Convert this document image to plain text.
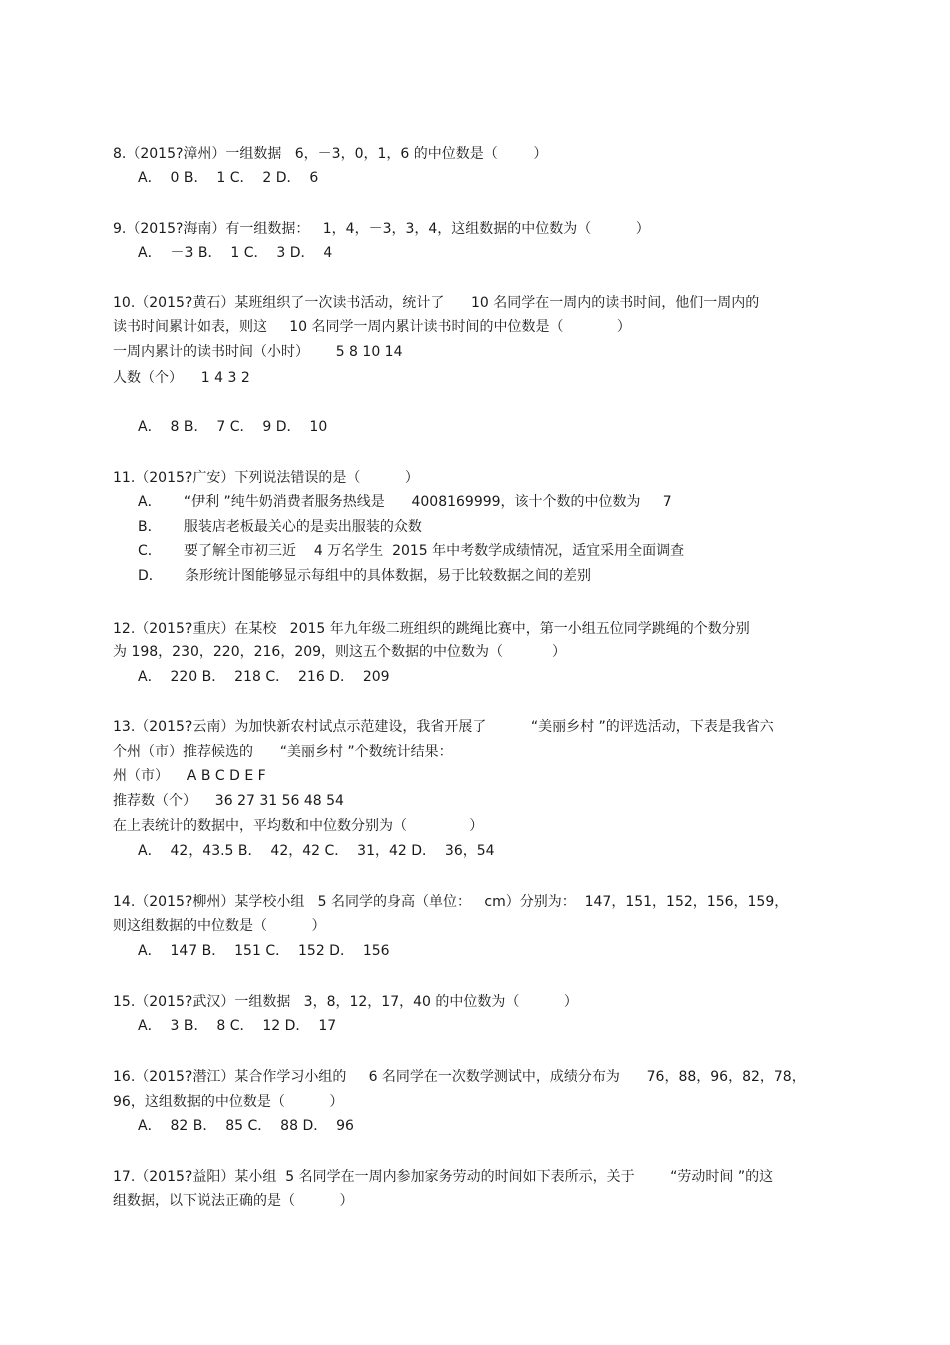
8.（2015?漳州）一组数据   6，－3，0，1，6 的中位数是（        ）
A．  0 B．  1 C．  2 D．  6
9.（2015?海南）有一组数据：   1，4，－3，3，4，这组数据的中位数为（          ）
A．  －3 B．  1 C．  3 D．  4
10.（2015?黄石）某班组织了一次读书活动，统计了      10 名同学在一周内的读书时间，他们一周内的
读书时间累计如表，则这     10 名同学一周内累计读书时间的中位数是（            ）
一周内累计的读书时间（小时）      5 8 10 14
人数（个）    1 4 3 2
A．  8 B．  7 C．  9 D．  10
11.（2015?广安）下列说法错误的是（          ）
A．     “伊利 ”纯牛奶消费者服务热线是      4008169999，该十个数的中位数为     7
B．     服装店老板最关心的是卖出服装的众数
C．     要了解全市初三近    4 万名学生  2015 年中考数学成绩情况，适宜采用全面调查
D．     条形统计图能够显示每组中的具体数据，易于比较数据之间的差别
12.（2015?重庆）在某校   2015 年九年级二班组织的跳绳比赛中，第一小组五位同学跳绳的个数分别
为 198，230，220，216，209，则这五个数据的中位数为（           ）
A．  220 B．  218 C．  216 D．  209
13.（2015?云南）为加快新农村试点示范建设，我省开展了          “美丽乡村 ”的评选活动，下表是我省六
个州（市）推荐候选的      “美丽乡村 ”个数统计结果：
州（市）    A B C D E F
推荐数（个）    36 27 31 56 48 54
在上表统计的数据中，平均数和中位数分别为（              ）
A．  42，43.5 B．  42，42 C．  31，42 D．  36，54
14.（2015?柳州）某学校小组   5 名同学的身高（单位：   cm）分别为：  147，151，152，156，159，
则这组数据的中位数是（          ）
A．  147 B．  151 C．  152 D．  156
15.（2015?武汉）一组数据   3，8，12，17，40 的中位数为（          ）
A．  3 B．  8 C．  12 D．  17
16.（2015?潜江）某合作学习小组的     6 名同学在一次数学测试中，成绩分布为      76，88，96，82，78，
96，这组数据的中位数是（          ）
A．  82 B．  85 C．  88 D．  96
17.（2015?益阳）某小组  5 名同学在一周内参加家务劳动的时间如下表所示，关于        “劳动时间 ”的这
组数据，以下说法正确的是（          ）
